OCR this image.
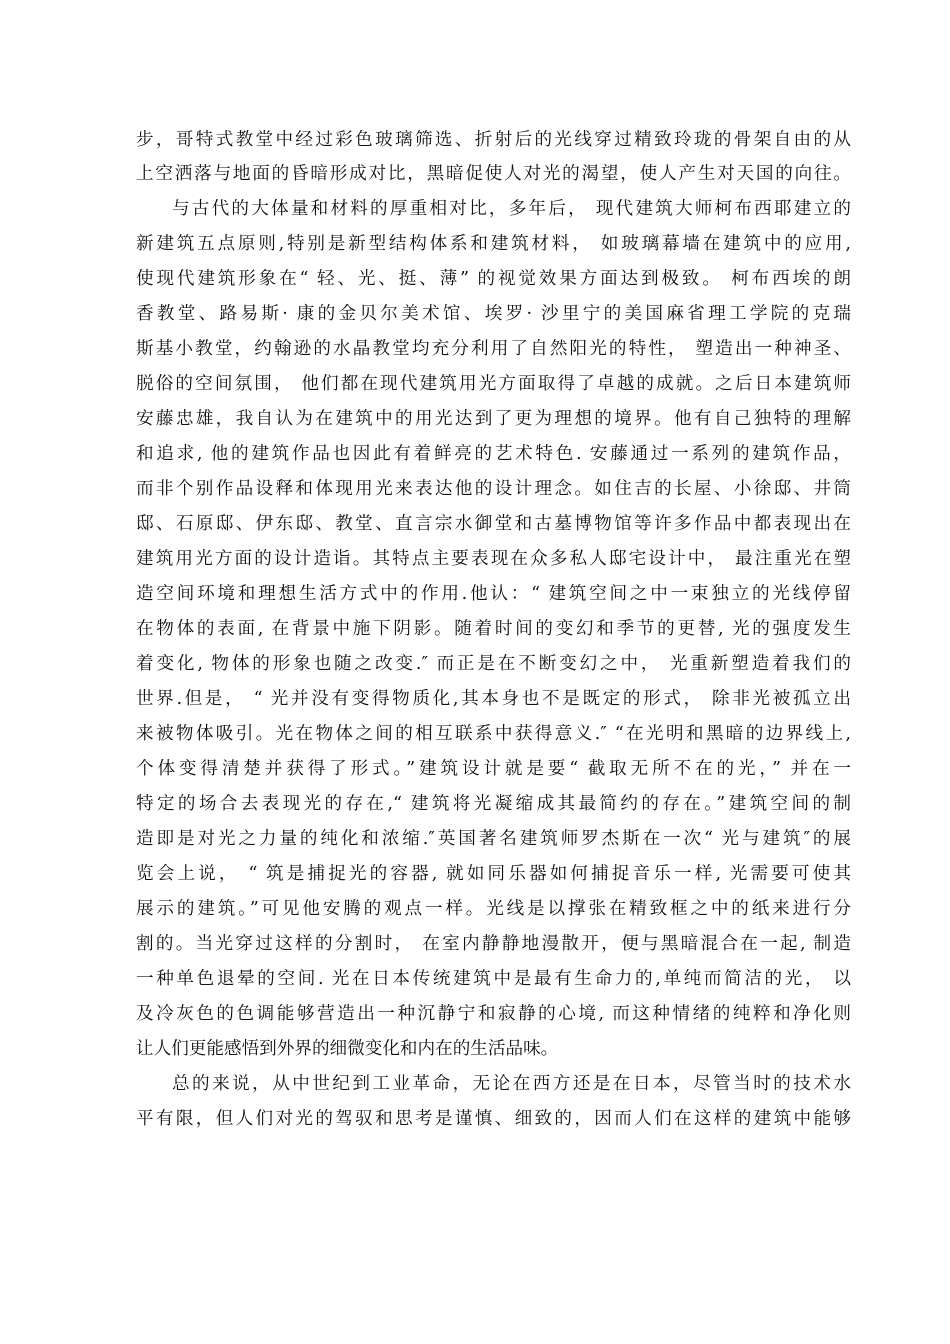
步，哥特式教堂中经过彩色玻璃筛选、折射后的光线穿过精致玲珑的骨架自由的从
上空洒落与地面的昏暗形成对比，黑暗促使人对光的渴望，使人产生对天国的向往。
与古代的大体量和材料的厚重相对比，多年后， 现代建筑大师柯布西耶建立的
新建筑五点原则,特别是新型结构体系和建筑材料， 如玻璃幕墙在建筑中的应用,
使现代建筑形象在“ 轻、光、挺、薄” 的视觉效果方面达到极致。 柯布西埃的朗
香教堂、路易斯· 康的金贝尔美术馆、埃罗· 沙里宁的美国麻省理工学院的克瑞
斯基小教堂，约翰逊的水晶教堂均充分利用了自然阳光的特性， 塑造出一种神圣、
脱俗的空间氛围， 他们都在现代建筑用光方面取得了卓越的成就。之后日本建筑师
安藤忠雄，我自认为在建筑中的用光达到了更为理想的境界。他有自己独特的理解
和追求, 他的建筑作品也因此有着鲜亮的艺术特色. 安藤通过一系列的建筑作品，
而非个别作品设释和体现用光来表达他的设计理念。如住吉的长屋、小徐邸、井筒
邸、石原邸、伊东邸、教堂、直言宗水御堂和古墓博物馆等许多作品中都表现出在
建筑用光方面的设计造诣。其特点主要表现在众多私人邸宅设计中， 最注重光在塑
造空间环境和理想生活方式中的作用.他认：“ 建筑空间之中一束独立的光线停留
在物体的表面, 在背景中施下阴影。随着时间的变幻和季节的更替, 光的强度发生
着变化, 物体的形象也随之改变.″ 而正是在不断变幻之中， 光重新塑造着我们的
世界.但是， “ 光并没有变得物质化,其本身也不是既定的形式， 除非光被孤立出
来被物体吸引。光在物体之间的相互联系中获得意义.″ “在光明和黑暗的边界线上,
个体变得清楚并获得了形式。”建筑设计就是要“ 截取无所不在的光，” 并在一
特定的场合去表现光的存在,“ 建筑将光凝缩成其最简约的存在。”建筑空间的制
造即是对光之力量的纯化和浓缩.″英国著名建筑师罗杰斯在一次“ 光与建筑″的展
览会上说， “ 筑是捕捉光的容器, 就如同乐器如何捕捉音乐一样, 光需要可使其
展示的建筑。”可见他安腾的观点一样。光线是以撑张在精致框之中的纸来进行分
割的。当光穿过这样的分割时， 在室内静静地漫散开，便与黑暗混合在一起, 制造
一种单色退晕的空间. 光在日本传统建筑中是最有生命力的,单纯而简洁的光， 以
及冷灰色的色调能够营造出一种沉静宁和寂静的心境, 而这种情绪的纯粹和净化则
让人们更能感悟到外界的细微变化和内在的生活品味。
总的来说，从中世纪到工业革命，无论在西方还是在日本，尽管当时的技术水
平有限，但人们对光的驾驭和思考是谨慎、细致的，因而人们在这样的建筑中能够
